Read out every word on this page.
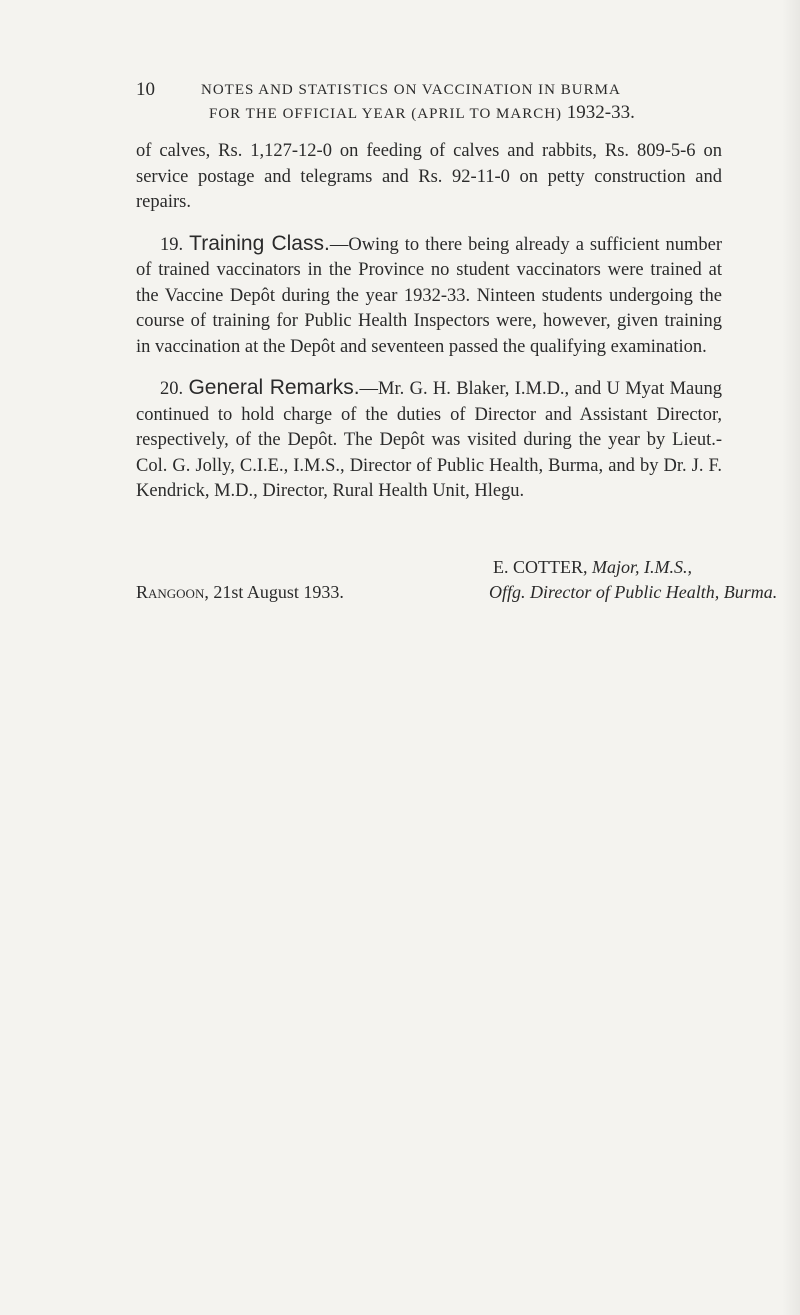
10	NOTES AND STATISTICS ON VACCINATION IN BURMA
FOR THE OFFICIAL YEAR (APRIL TO MARCH) 1932-33.

of calves, Rs. 1,127-12-0 on feeding of calves and rabbits, Rs. 809-5-6 on service postage and telegrams and Rs. 92-11-0 on petty construction and repairs.

19. Training Class.—Owing to there being already a sufficient number of trained vaccinators in the Province no student vaccinators were trained at the Vaccine Depôt during the year 1932-33. Ninteen students undergoing the course of training for Public Health Inspectors were, however, given training in vaccination at the Depôt and seventeen passed the qualifying examination.

20. General Remarks.—Mr. G. H. Blaker, I.M.D., and U Myat Maung continued to hold charge of the duties of Director and Assistant Director, respectively, of the Depôt. The Depôt was visited during the year by Lieut.-Col. G. Jolly, C.I.E., I.M.S., Director of Public Health, Burma, and by Dr. J. F. Kendrick, M.D., Director, Rural Health Unit, Hlegu.

E. COTTER, Major, I.M.S.,
Rangoon, 21st August 1933.	Offg. Director of Public Health, Burma.
